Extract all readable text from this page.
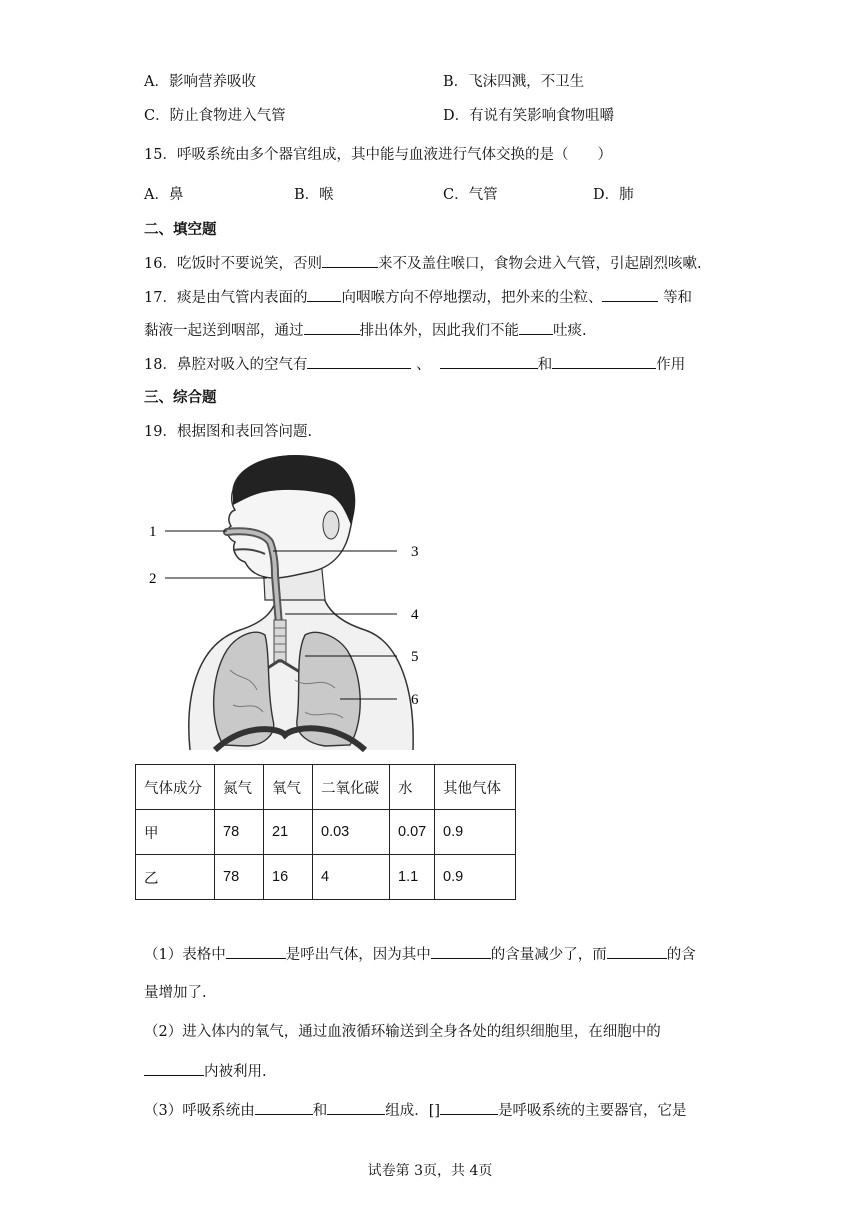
A．影响营养吸收	B．飞沫四溅，不卫生
C．防止食物进入气管	D．有说有笑影响食物咀嚼
15．呼吸系统由多个器官组成，其中能与血液进行气体交换的是（　　）
A．鼻	B．喉	C．气管	D．肺
二、填空题
16．吃饭时不要说笑，否则	来不及盖住喉口，食物会进入气管，引起剧烈咳嗽.
17．痰是由气管内表面的 向咽喉方向不停地摆动，把外来的尘粒、	等和
黏液一起送到咽部，通过	排出体外，因此我们不能 吐痰.
18．鼻腔对吸入的空气有	、	和	作用
三、综合题
19．根据图和表回答问题.
1
2
3
4
5
6
气体成分	氮气	氧气	二氧化碳	水	其他气体
甲	78	21	0.03	0.07	0.9
乙	78	16	4	1.1	0.9
（1）表格中	是呼出气体，因为其中	的含量减少了，而	的含
量增加了.
（2）进入体内的氧气，通过血液循环输送到全身各处的组织细胞里，在细胞中的
内被利用.
（3）呼吸系统由	和	组成．[]	是呼吸系统的主要器官，它是
试卷第 3页，共 4页
